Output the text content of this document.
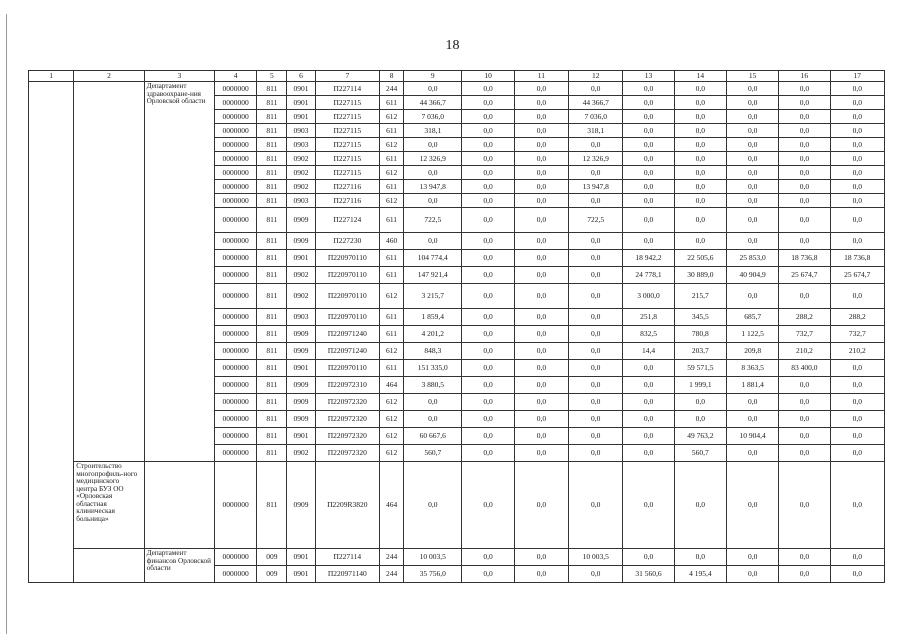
18
1	2	3	4	5	6	7	8	9	10	11	12	13	14	15	16	17
		Департамент здравоохране-ния Орловской области	0000000	811	0901	П227114	244	0,0	0,0	0,0	0,0	0,0	0,0	0,0	0,0	0,0
			0000000	811	0901	П227115	611	44 366,7	0,0	0,0	44 366,7	0,0	0,0	0,0	0,0	0,0
			0000000	811	0901	П227115	612	7 036,0	0,0	0,0	7 036,0	0,0	0,0	0,0	0,0	0,0
			0000000	811	0903	П227115	611	318,1	0,0	0,0	318,1	0,0	0,0	0,0	0,0	0,0
			0000000	811	0903	П227115	612	0,0	0,0	0,0	0,0	0,0	0,0	0,0	0,0	0,0
			0000000	811	0902	П227115	611	12 326,9	0,0	0,0	12 326,9	0,0	0,0	0,0	0,0	0,0
			0000000	811	0902	П227115	612	0,0	0,0	0,0	0,0	0,0	0,0	0,0	0,0	0,0
			0000000	811	0902	П227116	611	13 947,8	0,0	0,0	13 947,8	0,0	0,0	0,0	0,0	0,0
			0000000	811	0903	П227116	612	0,0	0,0	0,0	0,0	0,0	0,0	0,0	0,0	0,0
			0000000	811	0909	П227124	611	722,5	0,0	0,0	722,5	0,0	0,0	0,0	0,0	0,0
			0000000	811	0909	П227230	460	0,0	0,0	0,0	0,0	0,0	0,0	0,0	0,0	0,0
			0000000	811	0901	П220970110	611	104 774,4	0,0	0,0	0,0	18 942,2	22 505,6	25 853,0	18 736,8	18 736,8
			0000000	811	0902	П220970110	611	147 921,4	0,0	0,0	0,0	24 778,1	30 889,0	40 904,9	25 674,7	25 674,7
			0000000	811	0902	П220970110	612	3 215,7	0,0	0,0	0,0	3 000,0	215,7	0,0	0,0	0,0
			0000000	811	0903	П220970110	611	1 859,4	0,0	0,0	0,0	251,8	345,5	685,7	288,2	288,2
			0000000	811	0909	П220971240	611	4 201,2	0,0	0,0	0,0	832,5	780,8	1 122,5	732,7	732,7
			0000000	811	0909	П220971240	612	848,3	0,0	0,0	0,0	14,4	203,7	209,8	210,2	210,2
			0000000	811	0901	П220970110	611	151 335,0	0,0	0,0	0,0	0,0	59 571,5	8 363,5	83 400,0	0,0
			0000000	811	0909	П220972310	464	3 880,5	0,0	0,0	0,0	0,0	1 999,1	1 881,4	0,0	0,0
			0000000	811	0909	П220972320	612	0,0	0,0	0,0	0,0	0,0	0,0	0,0	0,0	0,0
			0000000	811	0909	П220972320	612	0,0	0,0	0,0	0,0	0,0	0,0	0,0	0,0	0,0
			0000000	811	0901	П220972320	612	60 667,6	0,0	0,0	0,0	0,0	49 763,2	10 904,4	0,0	0,0
			0000000	811	0902	П220972320	612	560,7	0,0	0,0	0,0	0,0	560,7	0,0	0,0	0,0
	Строительство многопрофиль-ного медицинского центра БУЗ ОО «Орловская областная клиническая больница»		0000000	811	0909	П2209R3820	464	0,0	0,0	0,0	0,0	0,0	0,0	0,0	0,0	0,0
		Департамент финансов Орловской области	0000000	009	0901	П227114	244	10 003,5	0,0	0,0	10 003,5	0,0	0,0	0,0	0,0	0,0
			0000000	009	0901	П220971140	244	35 756,0	0,0	0,0	0,0	31 560,6	4 195,4	0,0	0,0	0,0
